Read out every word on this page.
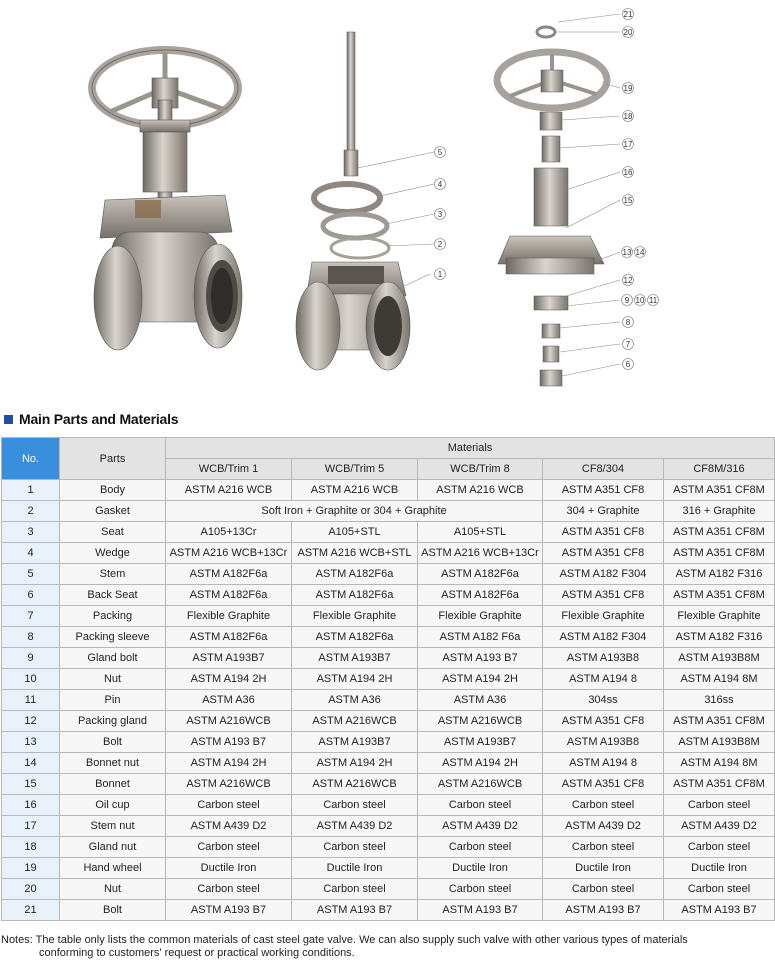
1
2
3
4
5
6
7
8
9 10 11
12
13 14
15
16
17
18
19
20
21
Main Parts and Materials
No.	Parts	Materials				
		WCB/Trim 1	WCB/Trim 5	WCB/Trim 8	CF8/304	CF8M/316
1	Body	ASTM A216 WCB	ASTM A216 WCB	ASTM A216 WCB	ASTM A351 CF8	ASTM A351 CF8M
2	Gasket	Soft Iron + Graphite or 304 + Graphite			304 + Graphite	316 + Graphite
3	Seat	A105+13Cr	A105+STL	A105+STL	ASTM A351 CF8	ASTM A351 CF8M
4	Wedge	ASTM A216 WCB+13Cr	ASTM A216 WCB+STL	ASTM A216 WCB+13Cr	ASTM A351 CF8	ASTM A351 CF8M
5	Stem	ASTM A182F6a	ASTM A182F6a	ASTM A182F6a	ASTM A182 F304	ASTM A182 F316
6	Back Seat	ASTM A182F6a	ASTM A182F6a	ASTM A182F6a	ASTM A351 CF8	ASTM A351 CF8M
7	Packing	Flexible Graphite	Flexible Graphite	Flexible Graphite	Flexible Graphite	Flexible Graphite
8	Packing sleeve	ASTM A182F6a	ASTM A182F6a	ASTM A182 F6a	ASTM A182 F304	ASTM A182 F316
9	Gland bolt	ASTM A193B7	ASTM A193B7	ASTM A193 B7	ASTM A193B8	ASTM A193B8M
10	Nut	ASTM A194 2H	ASTM A194 2H	ASTM A194 2H	ASTM A194 8	ASTM A194 8M
11	Pin	ASTM A36	ASTM A36	ASTM A36	304ss	316ss
12	Packing gland	ASTM A216WCB	ASTM A216WCB	ASTM A216WCB	ASTM A351 CF8	ASTM A351 CF8M
13	Bolt	ASTM A193 B7	ASTM A193B7	ASTM A193B7	ASTM A193B8	ASTM A193B8M
14	Bonnet nut	ASTM A194 2H	ASTM A194 2H	ASTM A194 2H	ASTM A194 8	ASTM A194 8M
15	Bonnet	ASTM A216WCB	ASTM A216WCB	ASTM A216WCB	ASTM A351 CF8	ASTM A351 CF8M
16	Oil cup	Carbon steel	Carbon steel	Carbon steel	Carbon steel	Carbon steel
17	Stem nut	ASTM A439 D2	ASTM A439 D2	ASTM A439 D2	ASTM A439 D2	ASTM A439 D2
18	Gland nut	Carbon steel	Carbon steel	Carbon steel	Carbon steel	Carbon steel
19	Hand wheel	Ductile Iron	Ductile Iron	Ductile Iron	Ductile Iron	Ductile Iron
20	Nut	Carbon steel	Carbon steel	Carbon steel	Carbon steel	Carbon steel
21	Bolt	ASTM A193 B7	ASTM A193 B7	ASTM A193 B7	ASTM A193 B7	ASTM A193 B7
Notes: The table only lists the common materials of cast steel gate valve. We can also supply such valve with other various types of materials
conforming to customers' request or practical working conditions.
